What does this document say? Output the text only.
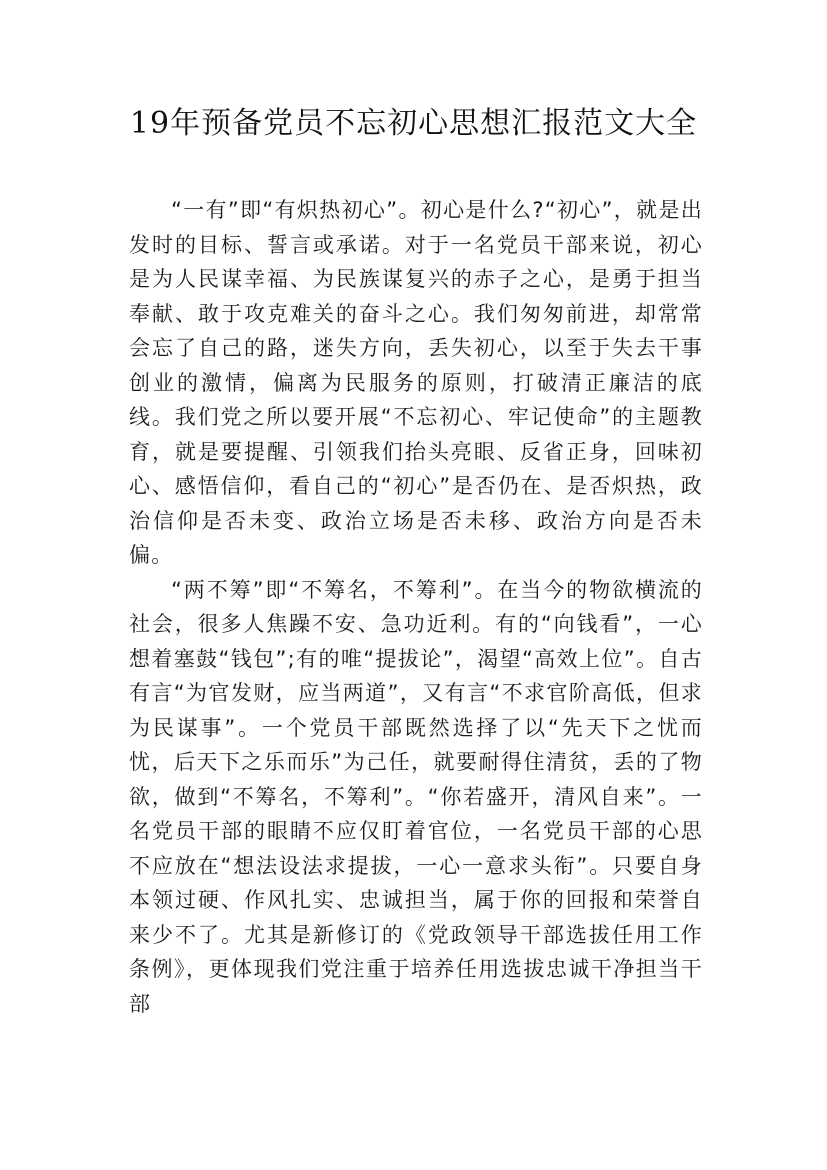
19年预备党员不忘初心思想汇报范文大全

“一有”即“有炽热初心”。初心是什么?“初心”，就是出发时的目标、誓言或承诺。对于一名党员干部来说，初心是为人民谋幸福、为民族谋复兴的赤子之心，是勇于担当奉献、敢于攻克难关的奋斗之心。我们匆匆前进，却常常会忘了自己的路，迷失方向，丢失初心，以至于失去干事创业的激情，偏离为民服务的原则，打破清正廉洁的底线。我们党之所以要开展“不忘初心、牢记使命”的主题教育，就是要提醒、引领我们抬头亮眼、反省正身，回味初心、感悟信仰，看自己的“初心”是否仍在、是否炽热，政治信仰是否未变、政治立场是否未移、政治方向是否未偏。

“两不筹”即“不筹名，不筹利”。在当今的物欲横流的社会，很多人焦躁不安、急功近利。有的“向钱看”，一心想着塞鼓“钱包”;有的唯“提拔论”，渴望“高效上位”。自古有言“为官发财，应当两道”，又有言“不求官阶高低，但求为民谋事”。一个党员干部既然选择了以“先天下之忧而忧，后天下之乐而乐”为己任，就要耐得住清贫，丢的了物欲，做到“不筹名，不筹利”。“你若盛开，清风自来”。一名党员干部的眼睛不应仅盯着官位，一名党员干部的心思不应放在“想法设法求提拔，一心一意求头衔”。只要自身本领过硬、作风扎实、忠诚担当，属于你的回报和荣誉自来少不了。尤其是新修订的《党政领导干部选拔任用工作条例》，更体现我们党注重于培养任用选拔忠诚干净担当干部
